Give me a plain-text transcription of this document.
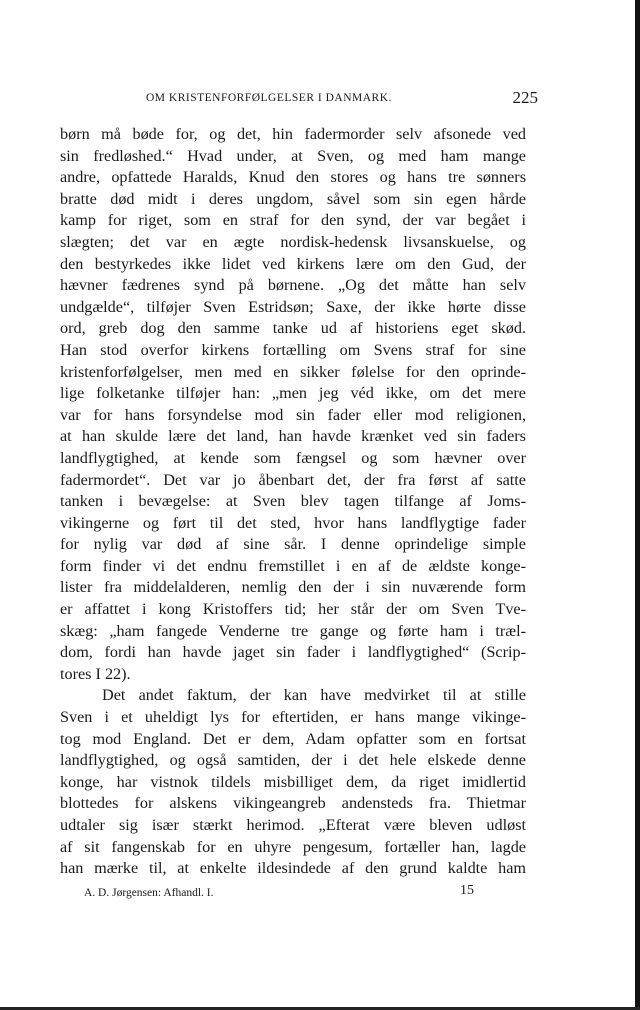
OM KRISTENFORFØLGELSER I DANMARK.	225
børn må bøde for, og det, hin fadermorder selv afsonede ved
sin fredløshed.“ Hvad under, at Sven, og med ham mange
andre, opfattede Haralds, Knud den stores og hans tre sønners
bratte død midt i deres ungdom, såvel som sin egen hårde
kamp for riget, som en straf for den synd, der var begået i
slægten; det var en ægte nordisk-hedensk livsanskuelse, og
den bestyrkedes ikke lidet ved kirkens lære om den Gud, der
hævner fædrenes synd på børnene. „Og det måtte han selv
undgælde“, tilføjer Sven Estridsøn; Saxe, der ikke hørte disse
ord, greb dog den samme tanke ud af historiens eget skød.
Han stod overfor kirkens fortælling om Svens straf for sine
kristenforfølgelser, men med en sikker følelse for den oprinde-
lige folketanke tilføjer han: „men jeg véd ikke, om det mere
var for hans forsyndelse mod sin fader eller mod religionen,
at han skulde lære det land, han havde krænket ved sin faders
landflygtighed, at kende som fængsel og som hævner over
fadermordet“. Det var jo åbenbart det, der fra først af satte
tanken i bevægelse: at Sven blev tagen tilfange af Joms-
vikingerne og ført til det sted, hvor hans landflygtige fader
for nylig var død af sine sår. I denne oprindelige simple
form finder vi det endnu fremstillet i en af de ældste konge-
lister fra middelalderen, nemlig den der i sin nuværende form
er affattet i kong Kristoffers tid; her står der om Sven Tve-
skæg: „ham fangede Venderne tre gange og førte ham i træl-
dom, fordi han havde jaget sin fader i landflygtighed“ (Scrip-
tores I 22).
Det andet faktum, der kan have medvirket til at stille
Sven i et uheldigt lys for eftertiden, er hans mange vikinge-
tog mod England. Det er dem, Adam opfatter som en fortsat
landflygtighed, og også samtiden, der i det hele elskede denne
konge, har vistnok tildels misbilliget dem, da riget imidlertid
blottedes for alskens vikingeangreb andensteds fra. Thietmar
udtaler sig især stærkt herimod. „Efterat være bleven udløst
af sit fangenskab for en uhyre pengesum, fortæller han, lagde
han mærke til, at enkelte ildesindede af den grund kaldte ham
A. D. Jørgensen: Afhandl. I.	15
